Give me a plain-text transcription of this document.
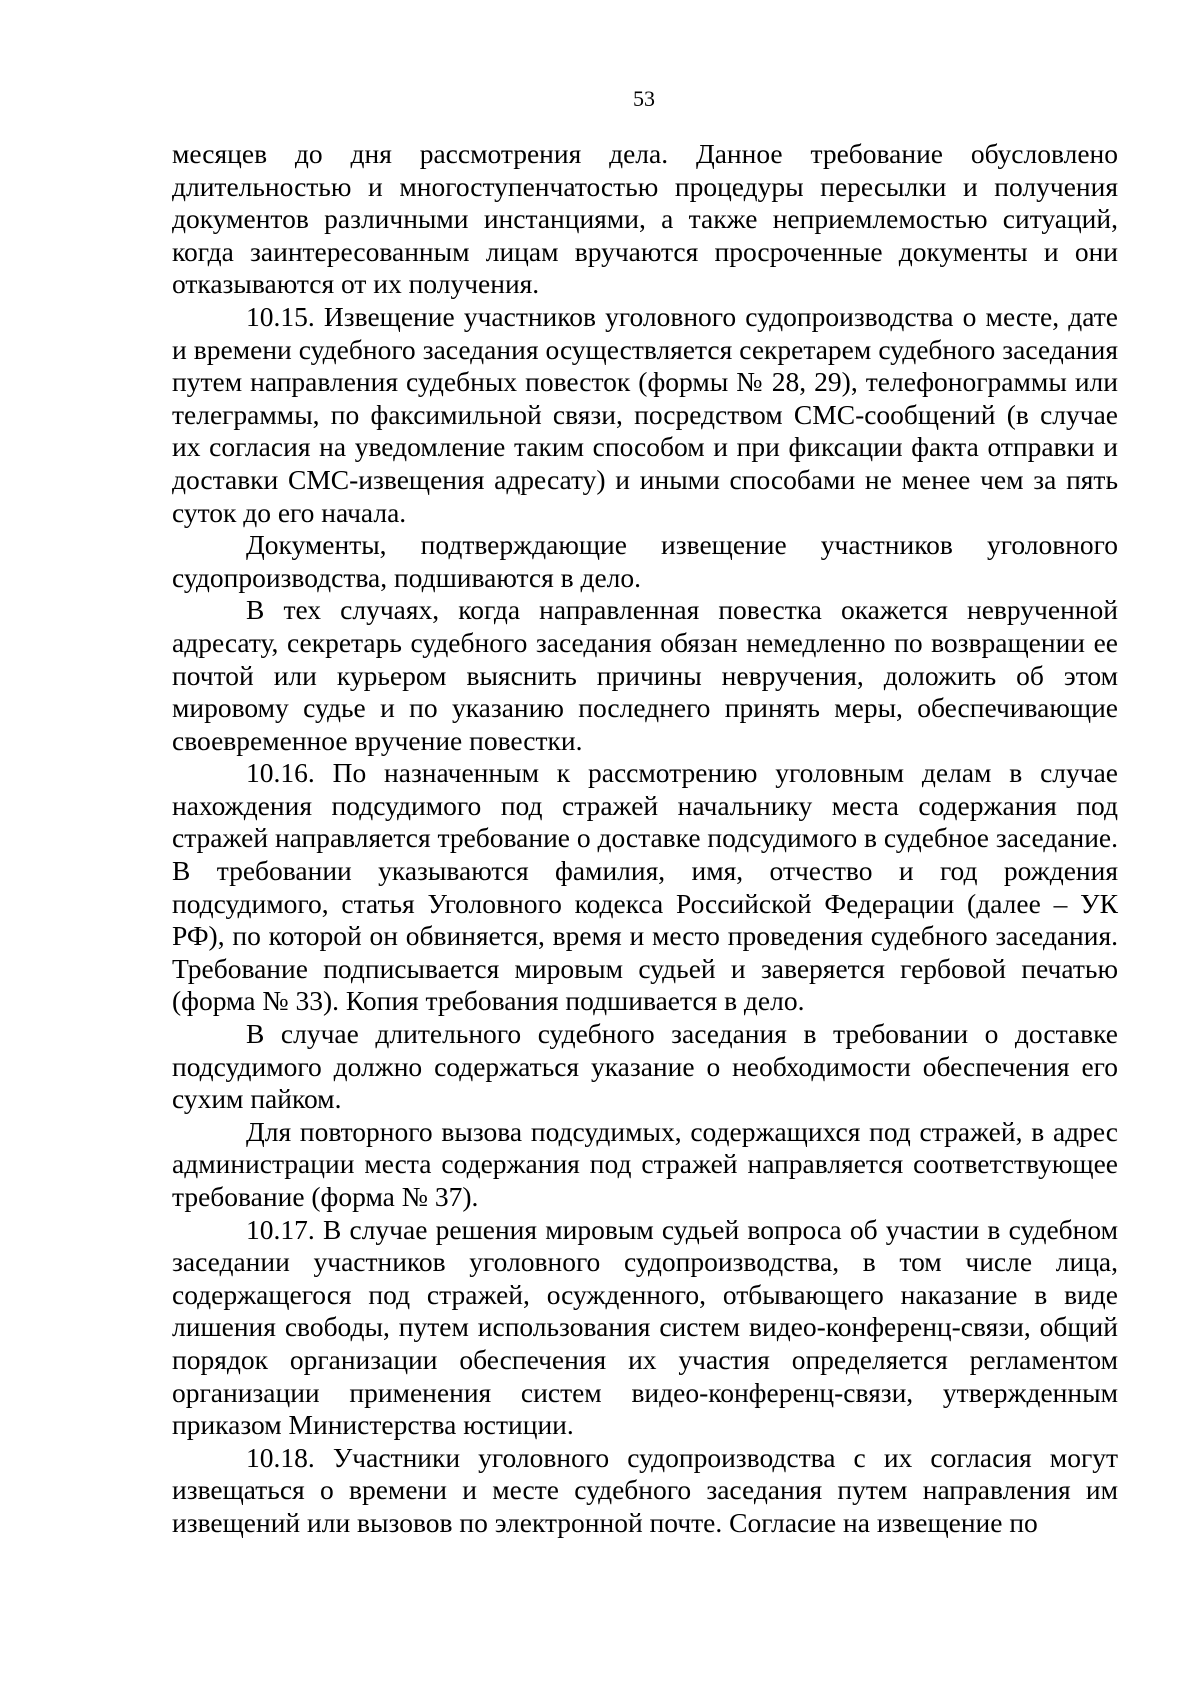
53

месяцев до дня рассмотрения дела. Данное требование обусловлено длительностью и многоступенчатостью процедуры пересылки и получения документов различными инстанциями, а также неприемлемостью ситуаций, когда заинтересованным лицам вручаются просроченные документы и они отказываются от их получения.

10.15. Извещение участников уголовного судопроизводства о месте, дате и времени судебного заседания осуществляется секретарем судебного заседания путем направления судебных повесток (формы № 28, 29), телефонограммы или телеграммы, по факсимильной связи, посредством СМС-сообщений (в случае их согласия на уведомление таким способом и при фиксации факта отправки и доставки СМС-извещения адресату) и иными способами не менее чем за пять суток до его начала.

Документы, подтверждающие извещение участников уголовного судопроизводства, подшиваются в дело.

В тех случаях, когда направленная повестка окажется неврученной адресату, секретарь судебного заседания обязан немедленно по возвращении ее почтой или курьером выяснить причины невручения, доложить об этом мировому судье и по указанию последнего принять меры, обеспечивающие своевременное вручение повестки.

10.16. По назначенным к рассмотрению уголовным делам в случае нахождения подсудимого под стражей начальнику места содержания под стражей направляется требование о доставке подсудимого в судебное заседание. В требовании указываются фамилия, имя, отчество и год рождения подсудимого, статья Уголовного кодекса Российской Федерации (далее – УК РФ), по которой он обвиняется, время и место проведения судебного заседания. Требование подписывается мировым судьей и заверяется гербовой печатью (форма № 33). Копия требования подшивается в дело.

В случае длительного судебного заседания в требовании о доставке подсудимого должно содержаться указание о необходимости обеспечения его сухим пайком.

Для повторного вызова подсудимых, содержащихся под стражей, в адрес администрации места содержания под стражей направляется соответствующее требование (форма № 37).

10.17. В случае решения мировым судьей вопроса об участии в судебном заседании участников уголовного судопроизводства, в том числе лица, содержащегося под стражей, осужденного, отбывающего наказание в виде лишения свободы, путем использования систем видео-конференц-связи, общий порядок организации обеспечения их участия определяется регламентом организации применения систем видео-конференц-связи, утвержденным приказом Министерства юстиции.

10.18. Участники уголовного судопроизводства с их согласия могут извещаться о времени и месте судебного заседания путем направления им извещений или вызовов по электронной почте. Согласие на извещение по
